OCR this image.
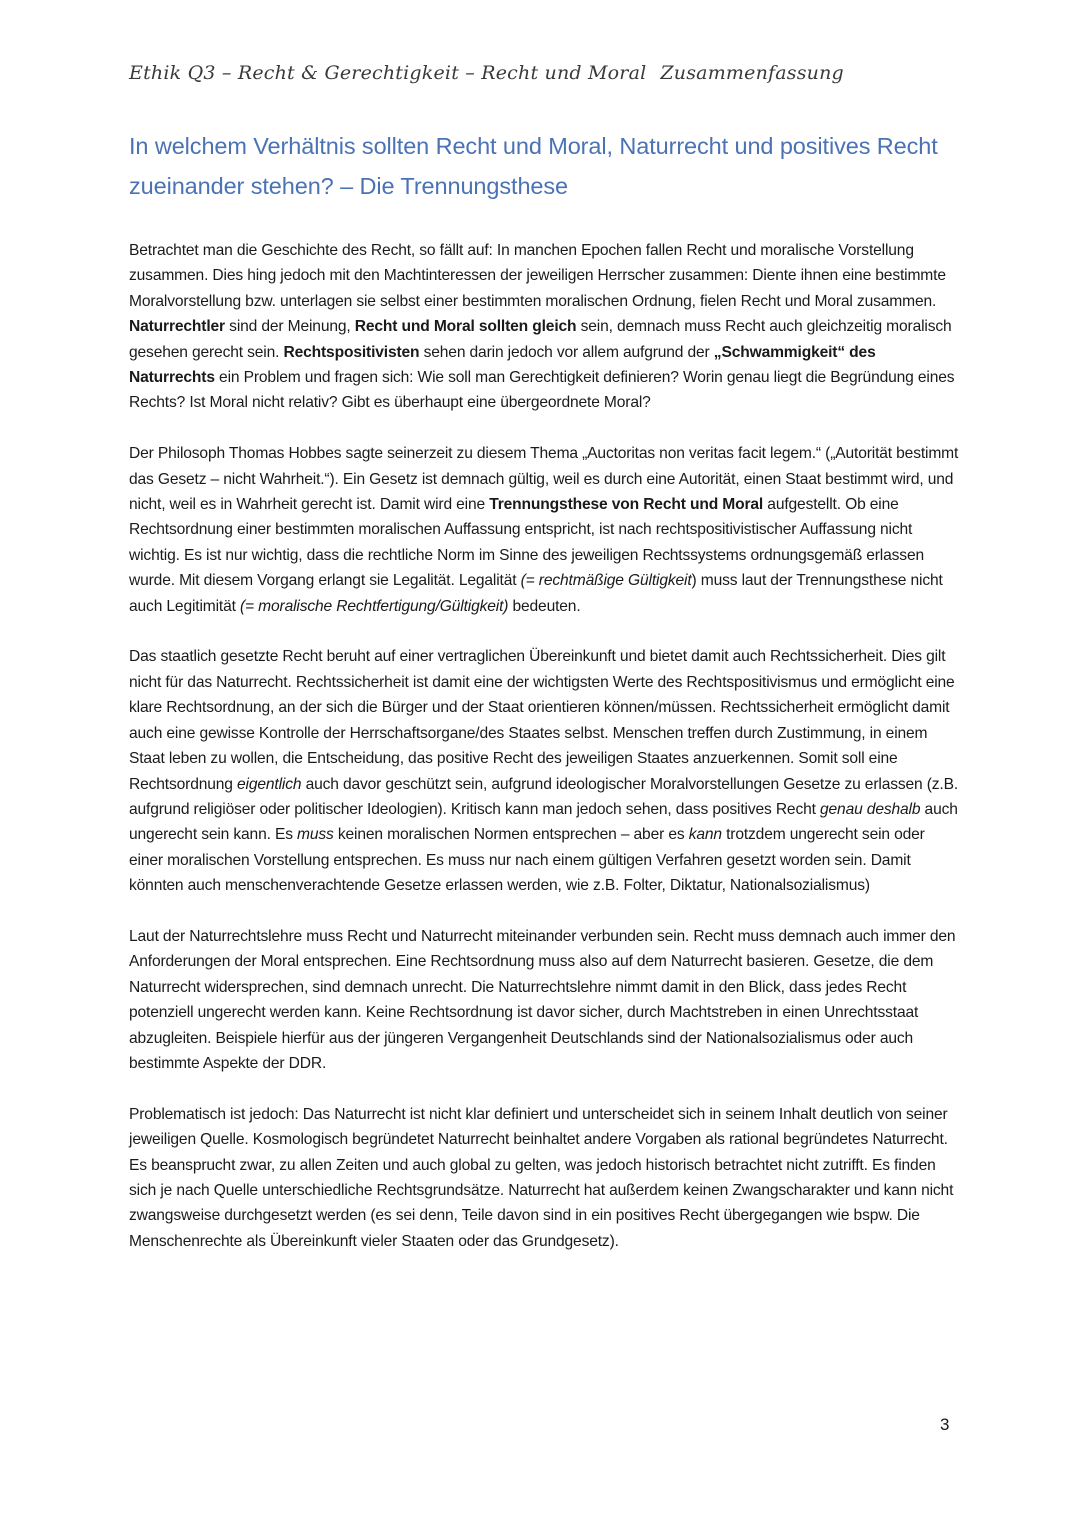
Ethik Q3 – Recht & Gerechtigkeit – Recht und Moral Zusammenfassung
In welchem Verhältnis sollten Recht und Moral, Naturrecht und positives Recht
zueinander stehen? – Die Trennungsthese

Betrachtet man die Geschichte des Recht, so fällt auf: In manchen Epochen fallen Recht und moralische Vorstellung zusammen. Dies hing jedoch mit den Machtinteressen der jeweiligen Herrscher zusammen: Diente ihnen eine bestimmte Moralvorstellung bzw. unterlagen sie selbst einer bestimmten moralischen Ordnung, fielen Recht und Moral zusammen.

Naturrechtler sind der Meinung, Recht und Moral sollten gleich sein, demnach muss Recht auch gleichzeitig moralisch gesehen gerecht sein. Rechtspositivisten sehen darin jedoch vor allem aufgrund der „Schwammigkeit“ des Naturrechts ein Problem und fragen sich: Wie soll man Gerechtigkeit definieren? Worin genau liegt die Begründung eines Rechts? Ist Moral nicht relativ? Gibt es überhaupt eine übergeordnete Moral?

Der Philosoph Thomas Hobbes sagte seinerzeit zu diesem Thema „Auctoritas non veritas facit legem.“ („Autorität bestimmt das Gesetz – nicht Wahrheit.“). Ein Gesetz ist demnach gültig, weil es durch eine Autorität, einen Staat bestimmt wird, und nicht, weil es in Wahrheit gerecht ist. Damit wird eine Trennungsthese von Recht und Moral aufgestellt. Ob eine Rechtsordnung einer bestimmten moralischen Auffassung entspricht, ist nach rechtspositivistischer Auffassung nicht wichtig. Es ist nur wichtig, dass die rechtliche Norm im Sinne des jeweiligen Rechtssystems ordnungsgemäß erlassen wurde. Mit diesem Vorgang erlangt sie Legalität. Legalität (= rechtmäßige Gültigkeit) muss laut der Trennungsthese nicht auch Legitimität (= moralische Rechtfertigung/Gültigkeit) bedeuten.

Das staatlich gesetzte Recht beruht auf einer vertraglichen Übereinkunft und bietet damit auch Rechtssicherheit. Dies gilt nicht für das Naturrecht. Rechtssicherheit ist damit eine der wichtigsten Werte des Rechtspositivismus und ermöglicht eine klare Rechtsordnung, an der sich die Bürger und der Staat orientieren können/müssen. Rechtssicherheit ermöglicht damit auch eine gewisse Kontrolle der Herrschaftsorgane/des Staates selbst. Menschen treffen durch Zustimmung, in einem Staat leben zu wollen, die Entscheidung, das positive Recht des jeweiligen Staates anzuerkennen. Somit soll eine Rechtsordnung eigentlich auch davor geschützt sein, aufgrund ideologischer Moralvorstellungen Gesetze zu erlassen (z.B. aufgrund religiöser oder politischer Ideologien). Kritisch kann man jedoch sehen, dass positives Recht genau deshalb auch ungerecht sein kann. Es muss keinen moralischen Normen entsprechen – aber es kann trotzdem ungerecht sein oder einer moralischen Vorstellung entsprechen. Es muss nur nach einem gültigen Verfahren gesetzt worden sein. Damit könnten auch menschenverachtende Gesetze erlassen werden, wie z.B. Folter, Diktatur, Nationalsozialismus)

Laut der Naturrechtslehre muss Recht und Naturrecht miteinander verbunden sein. Recht muss demnach auch immer den Anforderungen der Moral entsprechen. Eine Rechtsordnung muss also auf dem Naturrecht basieren. Gesetze, die dem Naturrecht widersprechen, sind demnach unrecht. Die Naturrechtslehre nimmt damit in den Blick, dass jedes Recht potenziell ungerecht werden kann. Keine Rechtsordnung ist davor sicher, durch Machtstreben in einen Unrechtsstaat abzugleiten. Beispiele hierfür aus der jüngeren Vergangenheit Deutschlands sind der Nationalsozialismus oder auch bestimmte Aspekte der DDR.

Problematisch ist jedoch: Das Naturrecht ist nicht klar definiert und unterscheidet sich in seinem Inhalt deutlich von seiner jeweiligen Quelle. Kosmologisch begründetet Naturrecht beinhaltet andere Vorgaben als rational begründetes Naturrecht. Es beansprucht zwar, zu allen Zeiten und auch global zu gelten, was jedoch historisch betrachtet nicht zutrifft. Es finden sich je nach Quelle unterschiedliche Rechtsgrundsätze. Naturrecht hat außerdem keinen Zwangscharakter und kann nicht zwangsweise durchgesetzt werden (es sei denn, Teile davon sind in ein positives Recht übergegangen wie bspw. Die Menschenrechte als Übereinkunft vieler Staaten oder das Grundgesetz).

3
